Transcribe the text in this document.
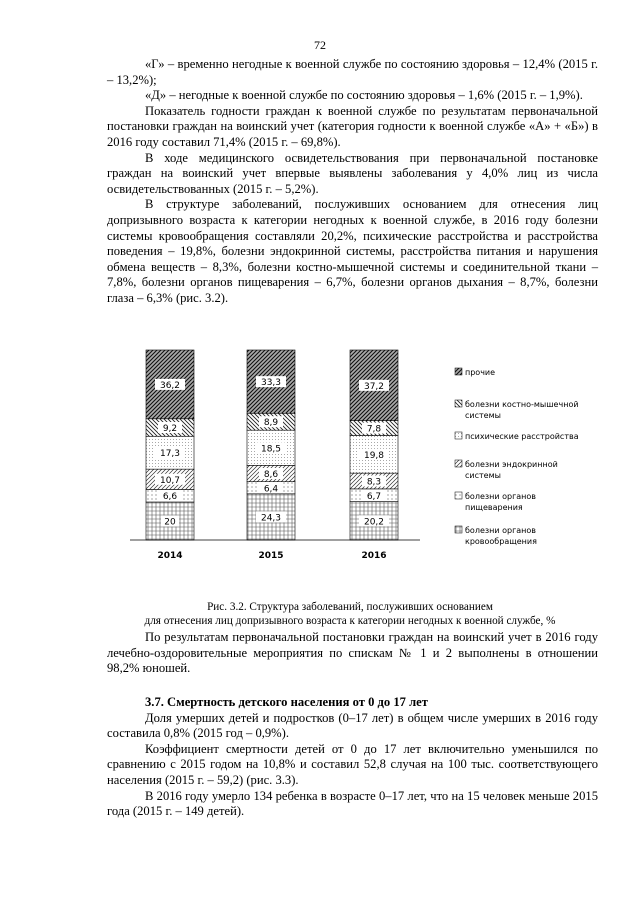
72

«Г» – временно негодные к военной службе по состоянию здоровья – 12,4% (2015 г. – 13,2%);

«Д» – негодные к военной службе по состоянию здоровья – 1,6% (2015 г. – 1,9%).

Показатель годности граждан к военной службе по результатам первоначальной постановки граждан на воинский учет (категория годности к военной службе «А» + «Б») в 2016 году составил 71,4% (2015 г. – 69,8%).

В ходе медицинского освидетельствования при первоначальной постановке граждан на воинский учет впервые выявлены заболевания у 4,0% лиц из числа освидетельствованных (2015 г. – 5,2%).

В структуре заболеваний, послуживших основанием для отнесения лиц допризывного возраста к категории негодных к военной службе, в 2016 году болезни системы кровообращения составляли 20,2%, психические расстройства и расстройства поведения – 19,8%, болезни эндокринной системы, расстройства питания и нарушения обмена веществ – 8,3%, болезни костно-мышечной системы и соединительной ткани – 7,8%, болезни органов пищеварения – 6,7%, болезни органов дыхания – 8,7%, болезни глаза – 6,3% (рис. 3.2).

20
6,6
10,7
17,3
9,2
36,2
2014
24,3
6,4
8,6
18,5
8,9
33,3
2015
20,2
6,7
8,3
19,8
7,8
37,2
2016
прочие
болезни костно-мышечной системы
психические расстройства
болезни эндокринной системы
болезни органов пищеварения
болезни органов кровообращения
Рис. 3.2. Структура заболеваний, послуживших основанием
для отнесения лиц допризывного возраста к категории негодных к военной службе, %

По результатам первоначальной постановки граждан на воинский учет в 2016 году лечебно-оздоровительные мероприятия по спискам № 1 и 2 выполнены в отношении 98,2% юношей.

3.7. Смертность детского населения от 0 до 17 лет

Доля умерших детей и подростков (0–17 лет) в общем числе умерших в 2016 году составила 0,8% (2015 год – 0,9%).

Коэффициент смертности детей от 0 до 17 лет включительно уменьшился по сравнению с 2015 годом на 10,8% и составил 52,8 случая на 100 тыс. соответствующего населения (2015 г. – 59,2) (рис. 3.3).

В 2016 году умерло 134 ребенка в возрасте 0–17 лет, что на 15 человек меньше 2015 года (2015 г. – 149 детей).
